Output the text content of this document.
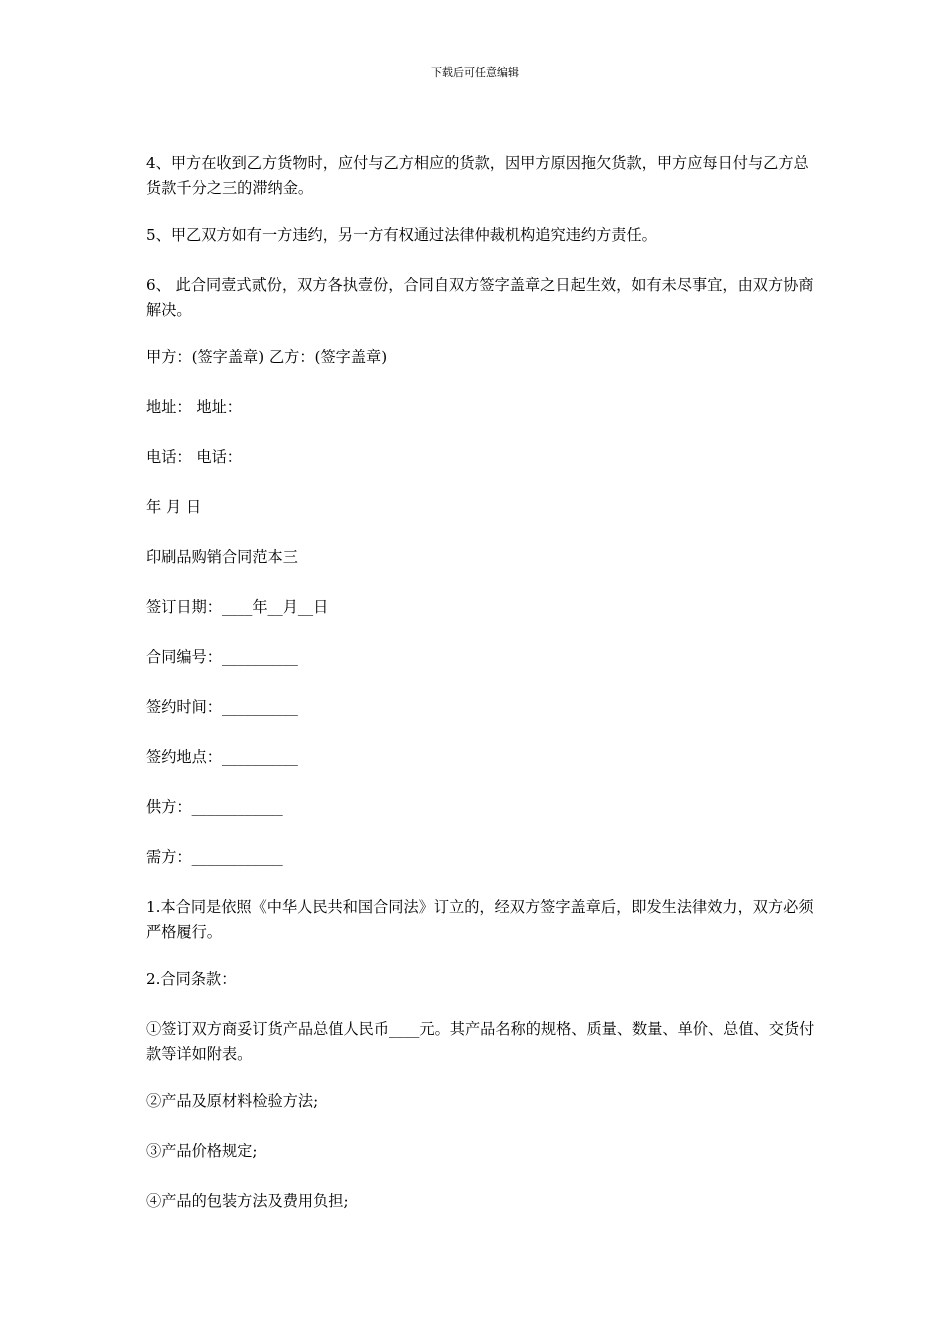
下载后可任意编辑

4、甲方在收到乙方货物时，应付与乙方相应的货款，因甲方原因拖欠货款，甲方应每日付与乙方总货款千分之三的滞纳金。

5、甲乙双方如有一方违约，另一方有权通过法律仲裁机构追究违约方责任。

6、 此合同壹式贰份，双方各执壹份，合同自双方签字盖章之日起生效，如有未尽事宜，由双方协商解决。

甲方：(签字盖章) 乙方：(签字盖章)

地址： 地址：

电话： 电话：

年 月 日

印刷品购销合同范本三

签订日期：____年__月__日

合同编号：__________

签约时间：__________

签约地点：__________

供方：____________

需方：____________

1.本合同是依照《中华人民共和国合同法》订立的，经双方签字盖章后，即发生法律效力，双方必须严格履行。

2.合同条款：

①签订双方商妥订货产品总值人民币____元。其产品名称的规格、质量、数量、单价、总值、交货付款等详如附表。

②产品及原材料检验方法;

③产品价格规定;

④产品的包装方法及费用负担;
